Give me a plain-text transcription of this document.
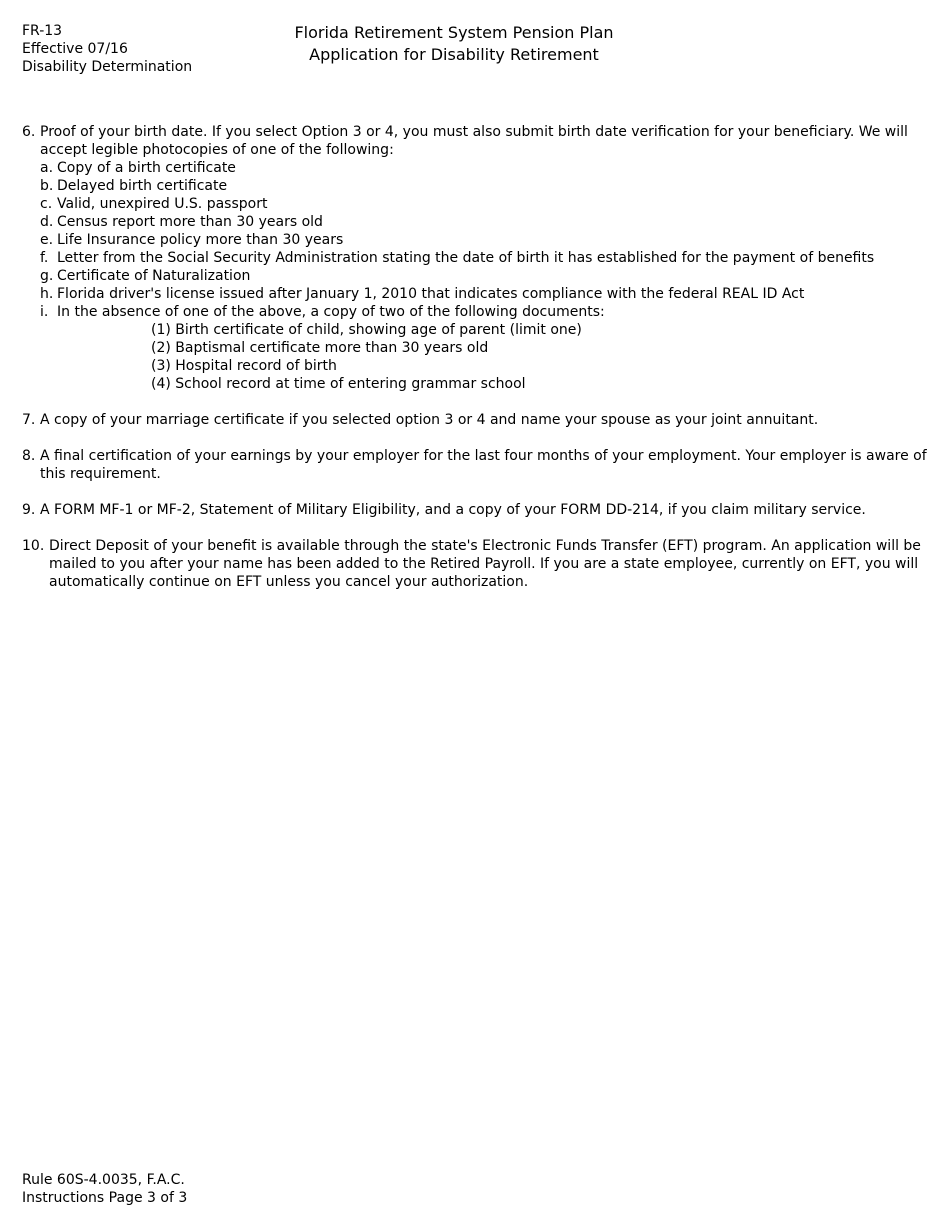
FR-13
Effective 07/16
Disability Determination
Florida Retirement System Pension Plan
Application for Disability Retirement
6. Proof of your birth date. If you select Option 3 or 4, you must also submit birth date verification for your beneficiary. We will accept legible photocopies of one of the following:
a. Copy of a birth certificate
b. Delayed birth certificate
c. Valid, unexpired U.S. passport
d. Census report more than 30 years old
e. Life Insurance policy more than 30 years
f. Letter from the Social Security Administration stating the date of birth it has established for the payment of benefits
g. Certificate of Naturalization
h. Florida driver's license issued after January 1, 2010 that indicates compliance with the federal REAL ID Act
i. In the absence of one of the above, a copy of two of the following documents:
(1) Birth certificate of child, showing age of parent (limit one)
(2) Baptismal certificate more than 30 years old
(3) Hospital record of birth
(4) School record at time of entering grammar school
7. A copy of your marriage certificate if you selected option 3 or 4 and name your spouse as your joint annuitant.
8. A final certification of your earnings by your employer for the last four months of your employment. Your employer is aware of this requirement.
9. A FORM MF-1 or MF-2, Statement of Military Eligibility, and a copy of your FORM DD-214, if you claim military service.
10. Direct Deposit of your benefit is available through the state's Electronic Funds Transfer (EFT) program. An application will be mailed to you after your name has been added to the Retired Payroll. If you are a state employee, currently on EFT, you will automatically continue on EFT unless you cancel your authorization.
Rule 60S-4.0035, F.A.C.
Instructions Page 3 of 3
